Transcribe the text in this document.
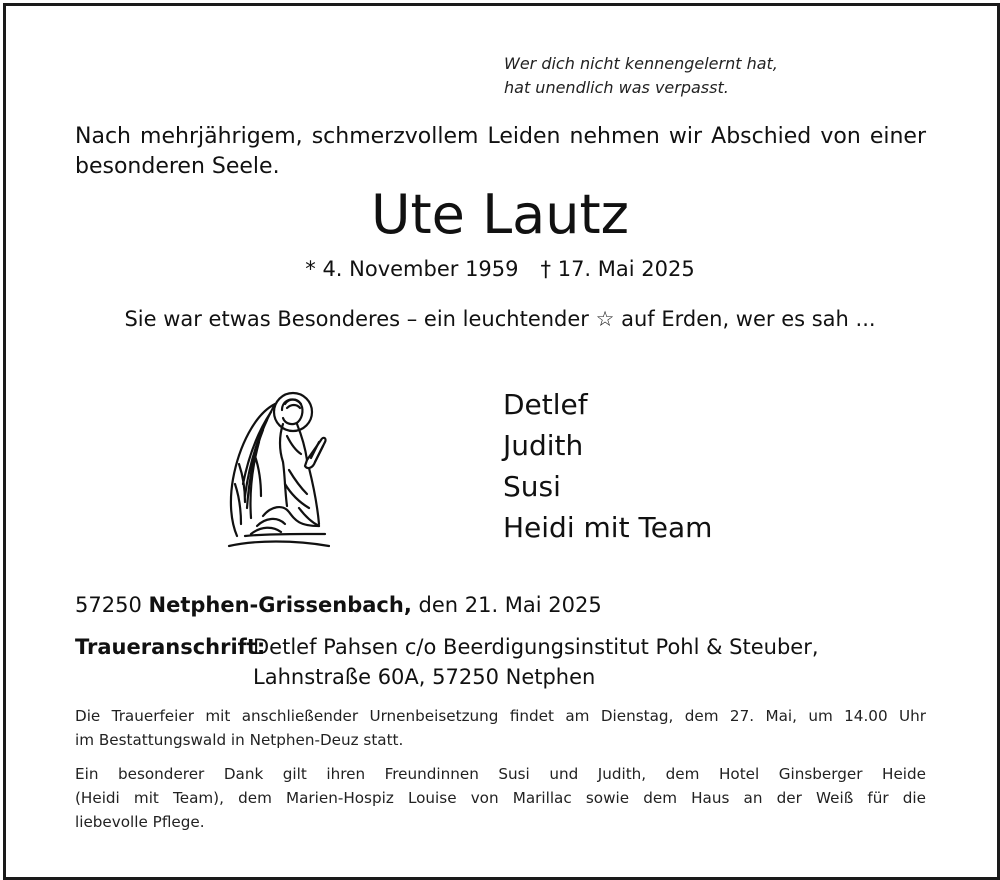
Wer dich nicht kennengelernt hat,
hat unendlich was verpasst.
Nach mehrjährigem, schmerzvollem Leiden nehmen wir Abschied von einer
besonderen Seele.
Ute Lautz
* 4. November 1959 † 17. Mai 2025
Sie war etwas Besonderes – ein leuchtender ☆ auf Erden, wer es sah ...
Detlef
Judith
Susi
Heidi mit Team
57250 Netphen-Grissenbach, den 21. Mai 2025
Traueranschrift:
Detlef Pahsen c/o Beerdigungsinstitut Pohl & Steuber,
Lahnstraße 60A, 57250 Netphen
Die Trauerfeier mit anschließender Urnenbeisetzung findet am Dienstag, dem 27. Mai, um 14.00 Uhr
im Bestattungswald in Netphen-Deuz statt.
Ein besonderer Dank gilt ihren Freundinnen Susi und Judith, dem Hotel Ginsberger Heide
(Heidi mit Team), dem Marien-Hospiz Louise von Marillac sowie dem Haus an der Weiß für die
liebevolle Pflege.
